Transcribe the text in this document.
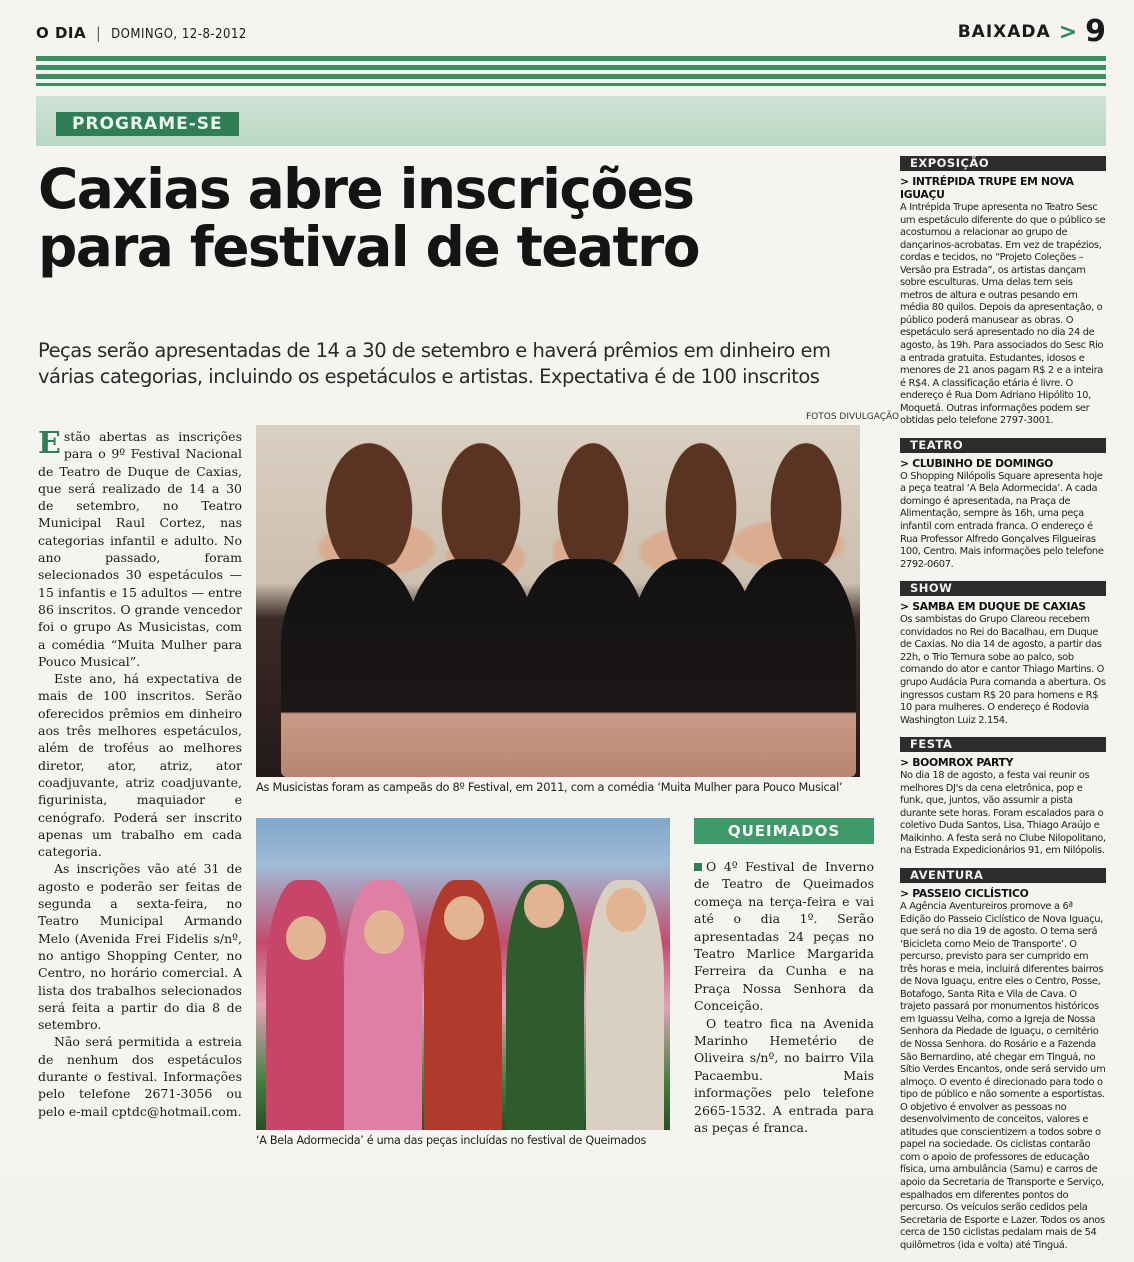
O DIA | DOMINGO, 12-8-2012	BAIXADA > 9
PROGRAME-SE
Caxias abre inscrições
para festival de teatro
Peças serão apresentadas de 14 a 30 de setembro e haverá prêmios em dinheiro em várias categorias, incluindo os espetáculos e artistas. Expectativa é de 100 inscritos
FOTOS DIVULGAÇÃO

Estão abertas as inscrições para o 9º Festival Nacional de Teatro de Duque de Caxias, que será realizado de 14 a 30 de setembro, no Teatro Municipal Raul Cortez, nas categorias infantil e adulto. No ano passado, foram selecionados 30 espetáculos — 15 infantis e 15 adultos — entre 86 inscritos. O grande vencedor foi o grupo As Musicistas, com a comédia “Muita Mulher para Pouco Musical”.

Este ano, há expectativa de mais de 100 inscritos. Serão oferecidos prêmios em dinheiro aos três melhores espetáculos, além de troféus ao melhores diretor, ator, atriz, ator coadjuvante, atriz coadjuvante, figurinista, maquiador e cenógrafo. Poderá ser inscrito apenas um trabalho em cada categoria.

As inscrições vão até 31 de agosto e poderão ser feitas de segunda a sexta-feira, no Teatro Municipal Armando Melo (Avenida Frei Fidelis s/nº, no antigo Shopping Center, no Centro, no horário comercial. A lista dos trabalhos selecionados será feita a partir do dia 8 de setembro.

Não será permitida a estreia de nenhum dos espetáculos durante o festival. Informações pelo telefone 2671-3056 ou pelo e-mail cptdc@hotmail.com.

As Musicistas foram as campeãs do 8º Festival, em 2011, com a comédia ‘Muita Mulher para Pouco Musical’
‘A Bela Adormecida’ é uma das peças incluídas no festival de Queimados
QUEIMADOS

O 4º Festival de Inverno de Teatro de Queimados começa na terça-feira e vai até o dia 1º. Serão apresentadas 24 peças no Teatro Marlice Margarida Ferreira da Cunha e na Praça Nossa Senhora da Conceição.

O teatro fica na Avenida Marinho Hemetério de Oliveira s/nº, no bairro Vila Pacaembu. Mais informações pelo telefone 2665-1532. A entrada para as peças é franca.

EXPOSIÇÃO
> INTRÉPIDA TRUPE EM NOVA IGUAÇU
A Intrépida Trupe apresenta no Teatro Sesc um espetáculo diferente do que o público se acostumou a relacionar ao grupo de dançarinos-acrobatas. Em vez de trapézios, cordas e tecidos, no “Projeto Coleções – Versão pra Estrada”, os artistas dançam sobre esculturas. Uma delas tem seis metros de altura e outras pesando em média 80 quilos. Depois da apresentação, o público poderá manusear as obras. O espetáculo será apresentado no dia 24 de agosto, às 19h. Para associados do Sesc Rio a entrada gratuita. Estudantes, idosos e menores de 21 anos pagam R$ 2 e a inteira é R$4. A classificação etária é livre. O endereço é Rua Dom Adriano Hipólito 10, Moquetá. Outras informações podem ser obtidas pelo telefone 2797-3001.
TEATRO
> CLUBINHO DE DOMINGO
O Shopping Nilópolis Square apresenta hoje a peça teatral ‘A Bela Adormecida’. A cada domingo é apresentada, na Praça de Alimentação, sempre às 16h, uma peça infantil com entrada franca. O endereço é Rua Professor Alfredo Gonçalves Filgueiras 100, Centro. Mais informações pelo telefone 2792-0607.
SHOW
> SAMBA EM DUQUE DE CAXIAS
Os sambistas do Grupo Clareou recebem convidados no Rei do Bacalhau, em Duque de Caxias. No dia 14 de agosto, a partir das 22h, o Trio Ternura sobe ao palco, sob comando do ator e cantor Thiago Martins. O grupo Audácia Pura comanda a abertura. Os ingressos custam R$ 20 para homens e R$ 10 para mulheres. O endereço é Rodovia Washington Luiz 2.154.
FESTA
> BOOMROX PARTY
No dia 18 de agosto, a festa vai reunir os melhores DJ's da cena eletrônica, pop e funk, que, juntos, vão assumir a pista durante sete horas. Foram escalados para o coletivo Duda Santos, Lisa, Thiago Araújo e Maikinho. A festa será no Clube Nilopolitano, na Estrada Expedicionários 91, em Nilópolis.
AVENTURA
> PASSEIO CICLÍSTICO
A Agência Aventureiros promove a 6ª Edição do Passeio Ciclístico de Nova Iguaçu, que será no dia 19 de agosto. O tema será ‘Bicicleta como Meio de Transporte’. O percurso, previsto para ser cumprido em três horas e meia, incluirá diferentes bairros de Nova Iguaçu, entre eles o Centro, Posse, Botafogo, Santa Rita e Vila de Cava. O trajeto passará por monumentos históricos em Iguassu Velha, como a Igreja de Nossa Senhora da Piedade de Iguaçu, o cemitério de Nossa Senhora. do Rosário e a Fazenda São Bernardino, até chegar em Tinguá, no Sítio Verdes Encantos, onde será servido um almoço. O evento é direcionado para todo o tipo de público e não somente a esportistas. O objetivo é envolver as pessoas no desenvolvimento de conceitos, valores e atitudes que conscientizem a todos sobre o papel na sociedade. Os ciclistas contarão com o apoio de professores de educação física, uma ambulância (Samu) e carros de apoio da Secretaria de Transporte e Serviço, espalhados em diferentes pontos do percurso. Os veículos serão cedidos pela Secretaria de Esporte e Lazer. Todos os anos cerca de 150 ciclistas pedalam mais de 54 quilômetros (ida e volta) até Tinguá.
